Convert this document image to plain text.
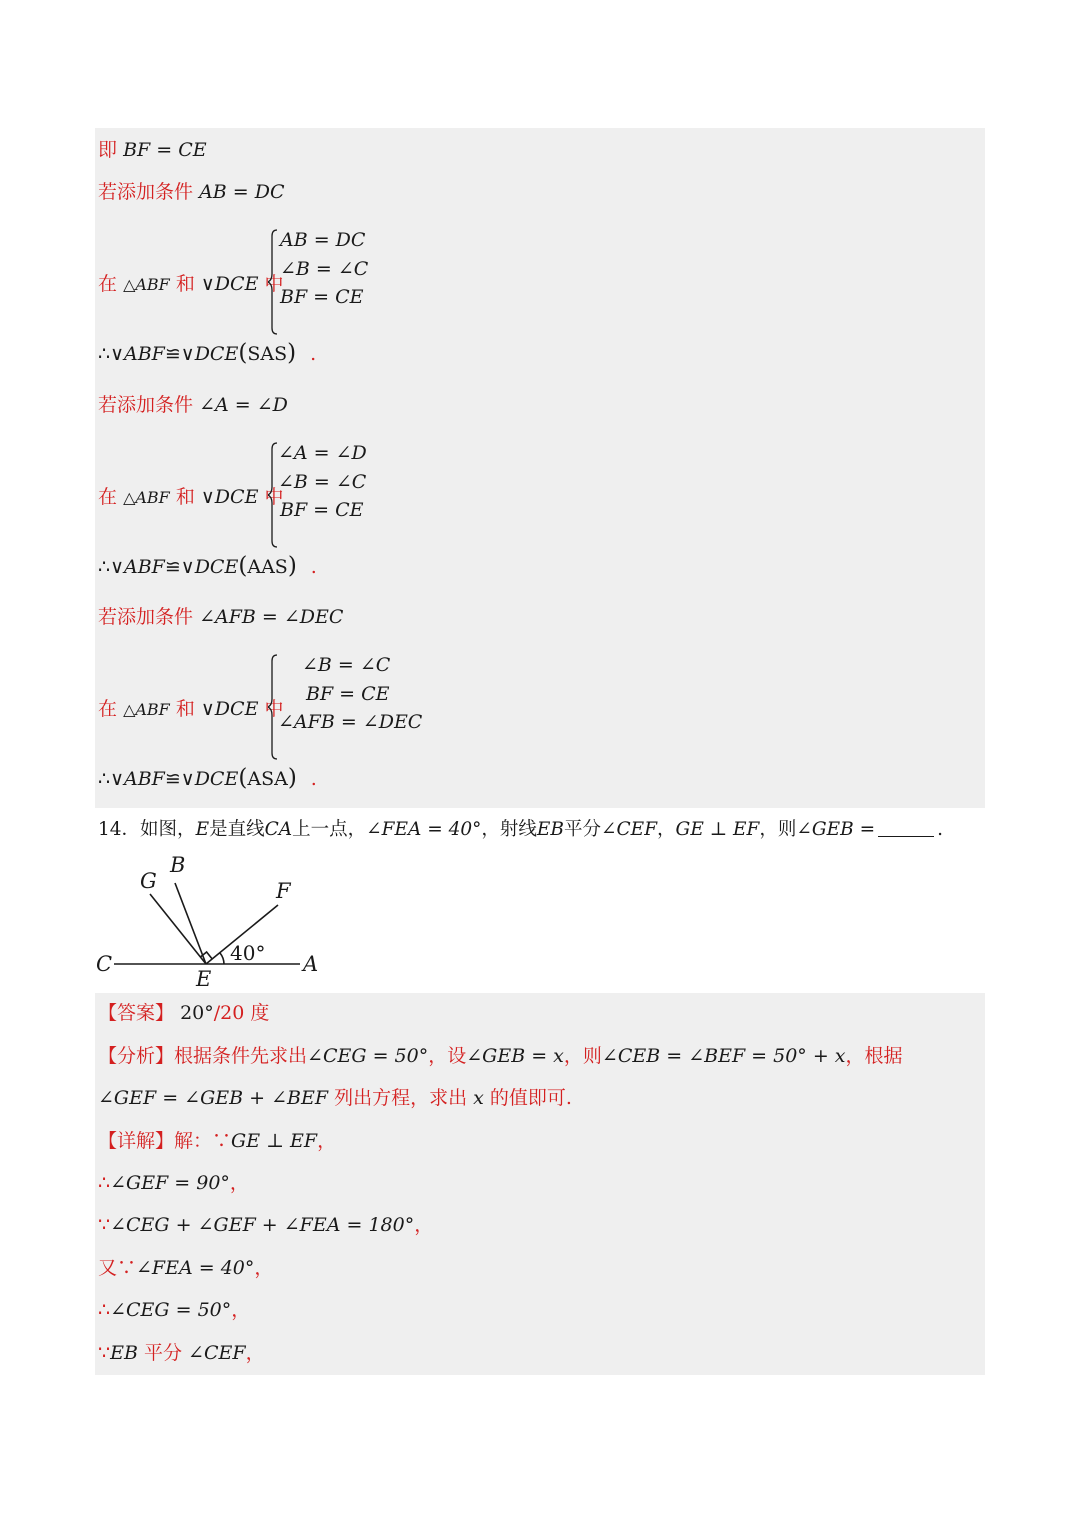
即 BF = CE
若添加条件 AB = DC
在 △ABF 和 ∨DCE 中
AB = DC
∠B = ∠C
BF = CE
∴∨ABF≌∨DCE(SAS) .
若添加条件 ∠A = ∠D
在 △ABF 和 ∨DCE 中
∠A = ∠D
∠B = ∠C
BF = CE
∴∨ABF≌∨DCE(AAS) .
若添加条件 ∠AFB = ∠DEC
在 △ABF 和 ∨DCE 中
∠B = ∠C
BF = CE
∠AFB = ∠DEC
∴∨ABF≌∨DCE(ASA) .
14．如图，E是直线CA上一点，∠FEA = 40°，射线EB平分∠CEF，GE ⊥ EF，则∠GEB =	.
G
B
F
C
E
A
40°
【答案】 20°/20 度
【分析】根据条件先求出∠CEG = 50°，设∠GEB = x，则∠CEB = ∠BEF = 50° + x，根据
∠GEF = ∠GEB + ∠BEF 列出方程，求出 x 的值即可.
【详解】解：∵GE ⊥ EF，
∴∠GEF = 90°，
∵∠CEG + ∠GEF + ∠FEA = 180°，
又∵∠FEA = 40°，
∴∠CEG = 50°，
∵EB 平分 ∠CEF，
